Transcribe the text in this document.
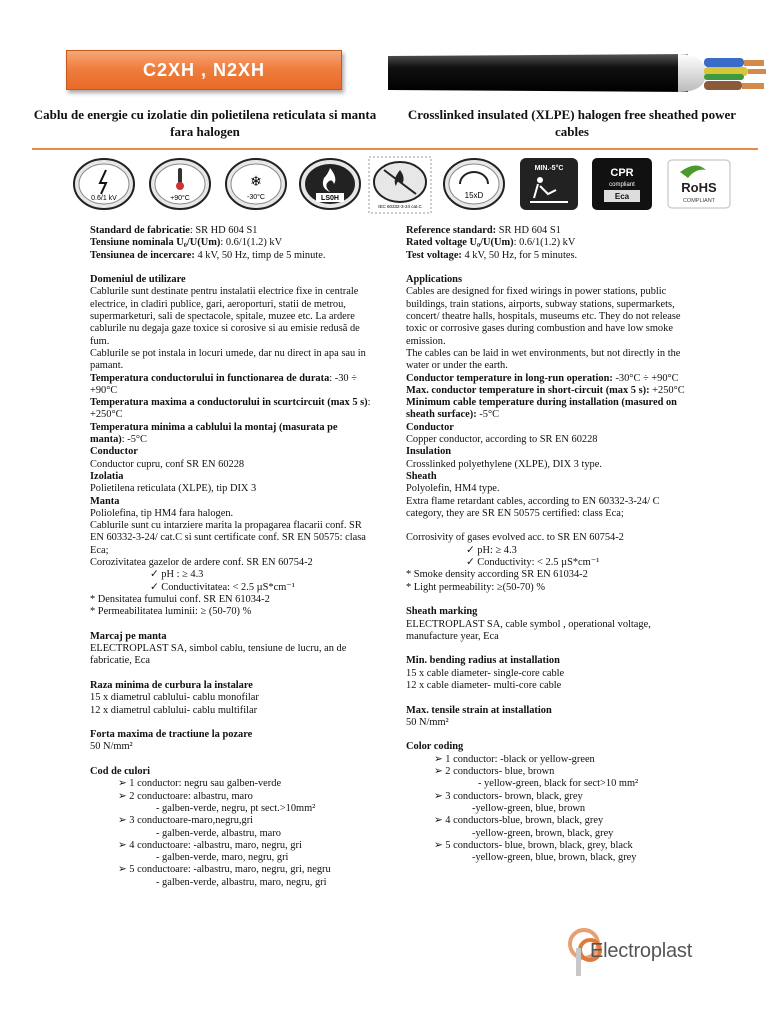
C2XH , N2XH
Cablu de energie cu izolatie din polietilena reticulata si manta fara halogen
Crosslinked insulated (XLPE) halogen free sheathed power cables
0.6/1 kV	+90°C
❄
-30°C	LS0H
IEC 60332-3-24 cat.C
15xD
MIN.-5°C	CPR
compliant
Eca
RoHS
COMPLIANT

Standard de fabricatie: SR HD 604 S1

Tensiune nominala U₀/U(Um): 0.6/1(1.2) kV

Tensiunea de incercare: 4 kV, 50 Hz, timp de 5 minute.

Domeniul de utilizare

Cablurile sunt destinate pentru instalatii electrice fixe in centrale electrice, in cladiri publice, gari, aeroporturi, statii de metrou, supermarketuri, sali de spectacole, spitale, muzee etc. La ardere cablurile nu degaja gaze toxice si corosive si au emisie redusă de fum.

Cablurile se pot instala in locuri umede, dar nu direct in apa sau in pamant.

Temperatura conductorului in functionarea de durata: -30 ÷ +90°C

Temperatura maxima a conductorului in scurtcircuit (max 5 s): +250°C

Temperatura minima a cablului la montaj (masurata pe manta): -5°C

Conductor

Conductor cupru, conf SR EN 60228

Izolatia

Polietilena reticulata (XLPE), tip DIX 3

Manta

Poliolefina, tip HM4 fara halogen.

Cablurile sunt cu intarziere marita la propagarea flacarii conf. SR EN 60332-3-24/ cat.C si sunt certificate conf. SR EN 50575: clasa Eca;

Corozivitatea gazelor de ardere conf. SR EN 60754-2

✓ pH : ≥ 4.3

✓ Conductivitatea: < 2.5 µS*cm⁻¹

* Densitatea fumului conf. SR EN 61034-2

* Permeabilitatea luminii: ≥ (50-70) %

Marcaj pe manta

ELECTROPLAST SA, simbol cablu, tensiune de lucru, an de fabricatie, Eca

Raza minima de curbura la instalare

15 x diametrul cablului- cablu monofilar

12 x diametrul cablului- cablu multifilar

Forta maxima de tractiune la pozare

50 N/mm²

Cod de culori

➢ 1 conductor: negru sau galben-verde

➢ 2 conductoare: albastru, maro

- galben-verde, negru, pt sect.>10mm²

➢ 3 conductoare-maro,negru,gri

- galben-verde, albastru, maro

➢ 4 conductoare: -albastru, maro, negru, gri

- galben-verde, maro, negru, gri

➢ 5 conductoare: -albastru, maro, negru, gri, negru

- galben-verde, albastru, maro, negru, gri

Reference standard: SR HD 604 S1

Rated voltage U₀/U(Um): 0.6/1(1.2) kV

Test voltage: 4 kV, 50 Hz, for 5 minutes.

Applications

Cables are designed for fixed wirings in power stations, public buildings, train stations, airports, subway stations, supermarkets, concert/ theatre halls, hospitals, museums etc. They do not release toxic or corrosive gases during combustion and have low smoke emission.

The cables can be laid in wet environments, but not directly in the water or under the earth.

Conductor temperature in long-run operation: -30°C ÷ +90°C

Max. conductor temperature in short-circuit (max 5 s): +250°C

Minimum cable temperature during installation (masured on sheath surface): -5°C

Conductor

Copper conductor, according to SR EN 60228

Insulation

Crosslinked polyethylene (XLPE), DIX 3 type.

Sheath

Polyolefin, HM4 type.

Extra flame retardant cables, according to EN 60332-3-24/ C category, they are SR EN 50575 certified: class Eca;

Corrosivity of gases evolved acc. to SR EN 60754-2

✓ pH: ≥ 4.3

✓ Conductivity: < 2.5 µS*cm⁻¹

* Smoke density according SR EN 61034-2

* Light permeability: ≥(50-70) %

Sheath marking

ELECTROPLAST SA, cable symbol , operational voltage, manufacture year, Eca

Min. bending radius at installation

15 x cable diameter- single-core cable

12 x cable diameter- multi-core cable

Max. tensile strain at installation

50 N/mm²

Color coding

➢ 1 conductor: -black or yellow-green

➢ 2 conductors- blue, brown

- yellow-green, black for sect>10 mm²

➢ 3 conductors- brown, black, grey

-yellow-green, blue, brown

➢ 4 conductors-blue, brown, black, grey

-yellow-green, brown, black, grey

➢ 5 conductors- blue, brown, black, grey, black

-yellow-green, blue, brown, black, grey

Electroplast
